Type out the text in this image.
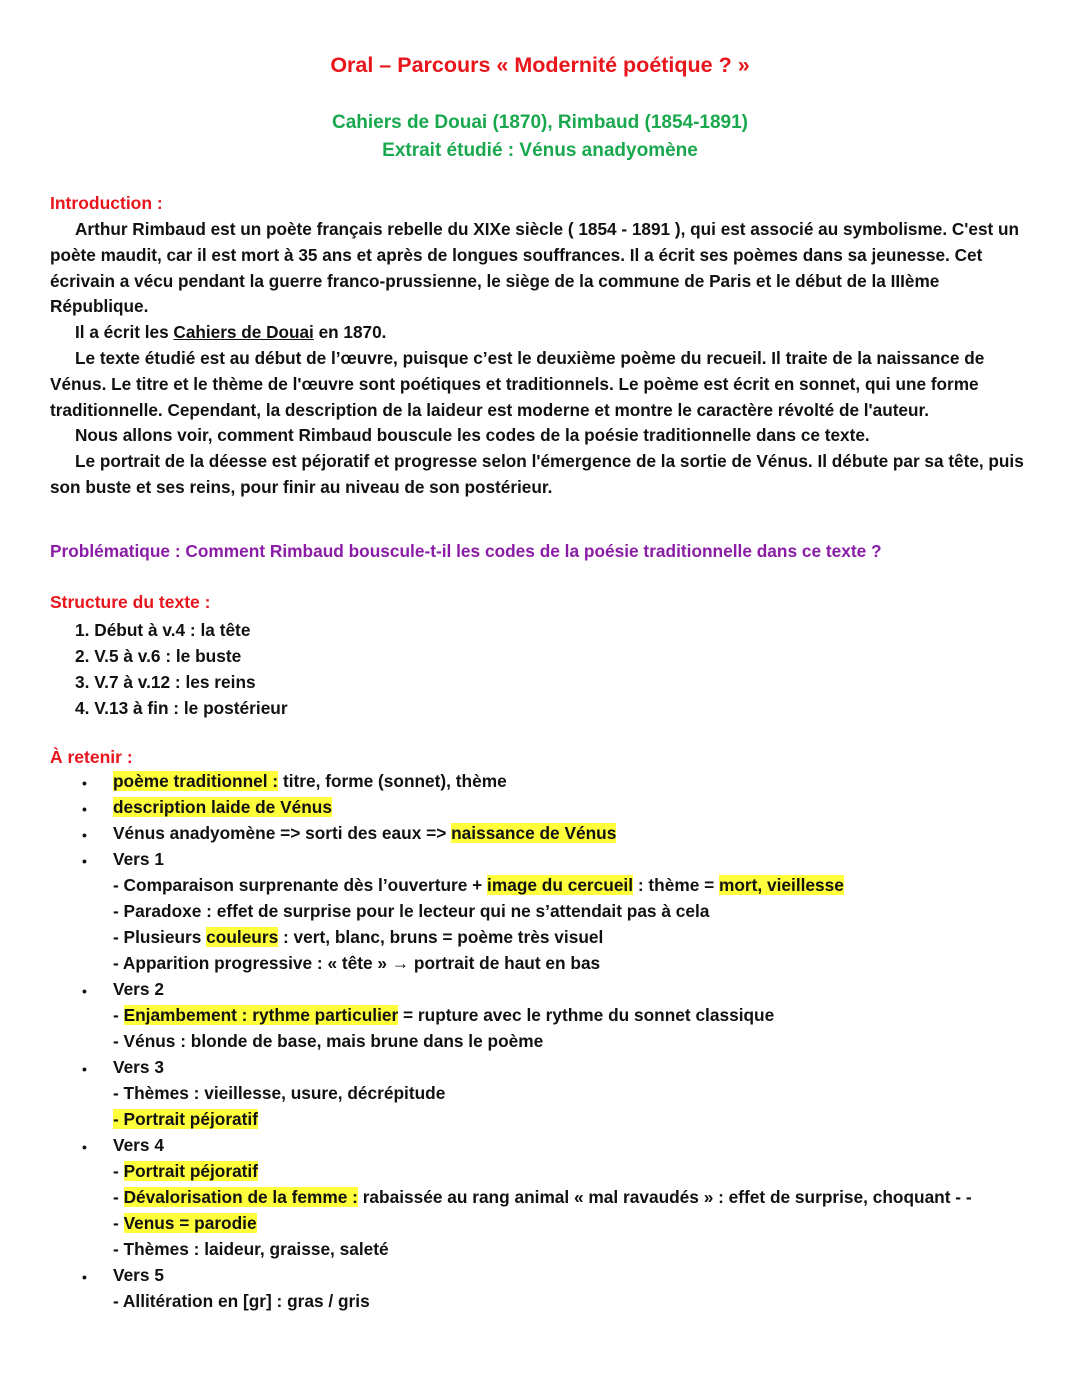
Oral – Parcours « Modernité poétique ? »
Cahiers de Douai (1870), Rimbaud (1854-1891)
Extrait étudié : Vénus anadyomène
Introduction :

Arthur Rimbaud est un poète français rebelle du XIXe siècle ( 1854 - 1891 ), qui est associé au symbolisme. C'est un poète maudit, car il est mort à 35 ans et après de longues souffrances. Il a écrit ses poèmes dans sa jeunesse. Cet écrivain a vécu pendant la guerre franco-prussienne, le siège de la commune de Paris et le début de la IIIème République.

Il a écrit les Cahiers de Douai en 1870.

Le texte étudié est au début de l’œuvre, puisque c’est le deuxième poème du recueil. Il traite de la naissance de Vénus. Le titre et le thème de l'œuvre sont poétiques et traditionnels. Le poème est écrit en sonnet, qui une forme traditionnelle. Cependant, la description de la laideur est moderne et montre le caractère révolté de l'auteur.

Nous allons voir, comment Rimbaud bouscule les codes de la poésie traditionnelle dans ce texte.

Le portrait de la déesse est péjoratif et progresse selon l'émergence de la sortie de Vénus. Il débute par sa tête, puis son buste et ses reins, pour finir au niveau de son postérieur.

Problématique : Comment Rimbaud bouscule-t-il les codes de la poésie traditionnelle dans ce texte ?
Structure du texte :
1. Début à v.4 : la tête
2. V.5 à v.6 : le buste
3. V.7 à v.12 : les reins
4. V.13 à fin : le postérieur
À retenir :
• poème traditionnel : titre, forme (sonnet), thème
• description laide de Vénus
• Vénus anadyomène => sorti des eaux => naissance de Vénus
• Vers 1
- Comparaison surprenante dès l’ouverture + image du cercueil : thème = mort, vieillesse
- Paradoxe : effet de surprise pour le lecteur qui ne s’attendait pas à cela
- Plusieurs couleurs : vert, blanc, bruns = poème très visuel
- Apparition progressive : « tête » → portrait de haut en bas
• Vers 2
- Enjambement : rythme particulier = rupture avec le rythme du sonnet classique
- Vénus : blonde de base, mais brune dans le poème
• Vers 3
- Thèmes : vieillesse, usure, décrépitude
- Portrait péjoratif
• Vers 4
- Portrait péjoratif
- Dévalorisation de la femme : rabaissée au rang animal « mal ravaudés » : effet de surprise, choquant - -
- Venus = parodie
- Thèmes : laideur, graisse, saleté
• Vers 5
- Allitération en [gr] : gras / gris
